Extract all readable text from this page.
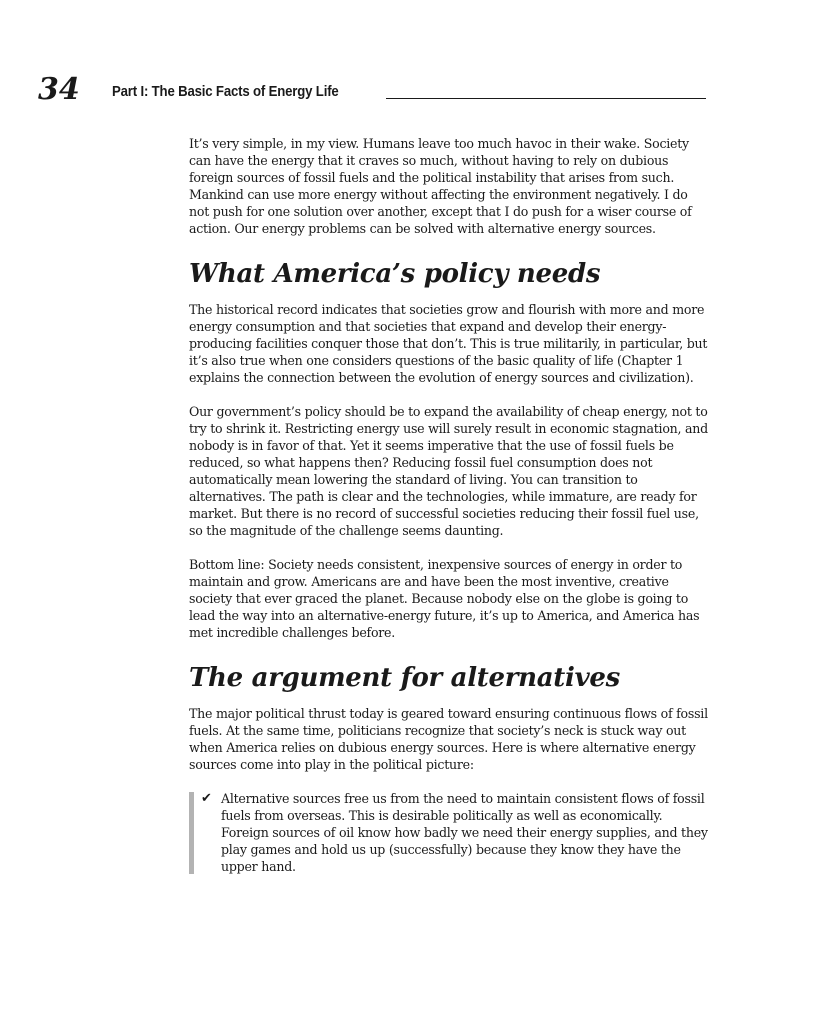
34 Part I: The Basic Facts of Energy Life

It’s very simple, in my view. Humans leave too much havoc in their wake. Society can have the energy that it craves so much, without having to rely on dubious foreign sources of fossil fuels and the political instability that arises from such. Mankind can use more energy without affecting the environment negatively. I do not push for one solution over another, except that I do push for a wiser course of action. Our energy problems can be solved with alternative energy sources.

What America’s policy needs

The historical record indicates that societies grow and flourish with more and more energy consumption and that societies that expand and develop their energy-producing facilities conquer those that don’t. This is true militarily, in particular, but it’s also true when one considers questions of the basic quality of life (Chapter 1 explains the connection between the evolution of energy sources and civilization).

Our government’s policy should be to expand the availability of cheap energy, not to try to shrink it. Restricting energy use will surely result in economic stagnation, and nobody is in favor of that. Yet it seems imperative that the use of fossil fuels be reduced, so what happens then? Reducing fossil fuel consumption does not automatically mean lowering the standard of living. You can transition to alternatives. The path is clear and the technologies, while immature, are ready for market. But there is no record of successful societies reducing their fossil fuel use, so the magnitude of the challenge seems daunting.

Bottom line: Society needs consistent, inexpensive sources of energy in order to maintain and grow. Americans are and have been the most inventive, creative society that ever graced the planet. Because nobody else on the globe is going to lead the way into an alternative-energy future, it’s up to America, and America has met incredible challenges before.

The argument for alternatives

The major political thrust today is geared toward ensuring continuous flows of fossil fuels. At the same time, politicians recognize that society’s neck is stuck way out when America relies on dubious energy sources. Here is where alternative energy sources come into play in the political picture:

✔ Alternative sources free us from the need to maintain consistent flows of fossil fuels from overseas. This is desirable politically as well as economically. Foreign sources of oil know how badly we need their energy supplies, and they play games and hold us up (successfully) because they know they have the upper hand.
